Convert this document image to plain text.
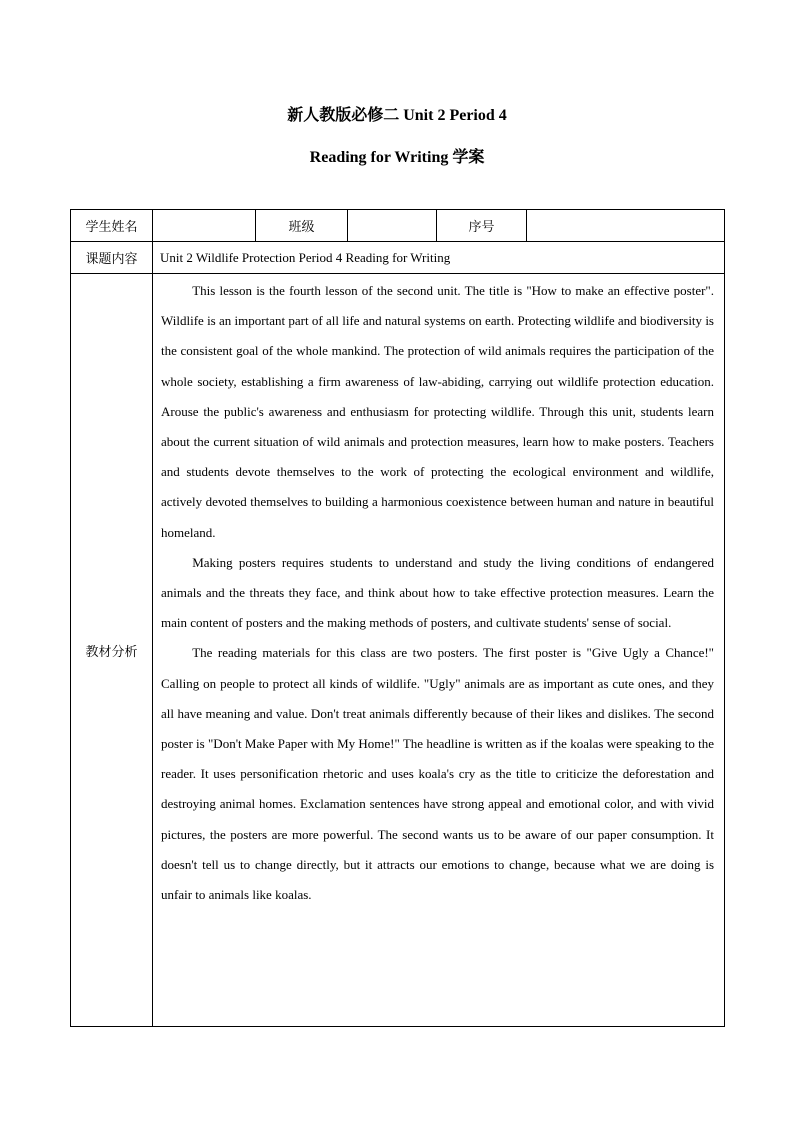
新人教版必修二 Unit 2 Period 4
Reading for Writing 学案
学生姓名		班级		序号	
课题内容	Unit 2 Wildlife Protection Period 4 Reading for Writing				
教材分析	This lesson is the fourth lesson of the second unit. The title is "How to make an effective poster". Wildlife is an important part of all life and natural systems on earth. Protecting wildlife and biodiversity is the consistent goal of the whole mankind. The protection of wild animals requires the participation of the whole society, establishing a firm awareness of law-abiding, carrying out wildlife protection education. Arouse the public's awareness and enthusiasm for protecting wildlife. Through this unit, students learn about the current situation of wild animals and protection measures, learn how to make posters. Teachers and students devote themselves to the work of protecting the ecological environment and wildlife, actively devoted themselves to building a harmonious coexistence between human and nature in beautiful homeland.

Making posters requires students to understand and study the living conditions of endangered animals and the threats they face, and think about how to take effective protection measures. Learn the main content of posters and the making methods of posters, and cultivate students' sense of social.

The reading materials for this class are two posters. The first poster is "Give Ugly a Chance!" Calling on people to protect all kinds of wildlife. "Ugly" animals are as important as cute ones, and they all have meaning and value. Don't treat animals differently because of their likes and dislikes. The second poster is "Don't Make Paper with My Home!" The headline is written as if the koalas were speaking to the reader. It uses personification rhetoric and uses koala's cry as the title to criticize the deforestation and destroying animal homes. Exclamation sentences have strong appeal and emotional color, and with vivid pictures, the posters are more powerful. The second wants us to be aware of our paper consumption. It doesn't tell us to change directly, but it attracts our emotions to change, because what we are doing is unfair to animals like koalas.				
